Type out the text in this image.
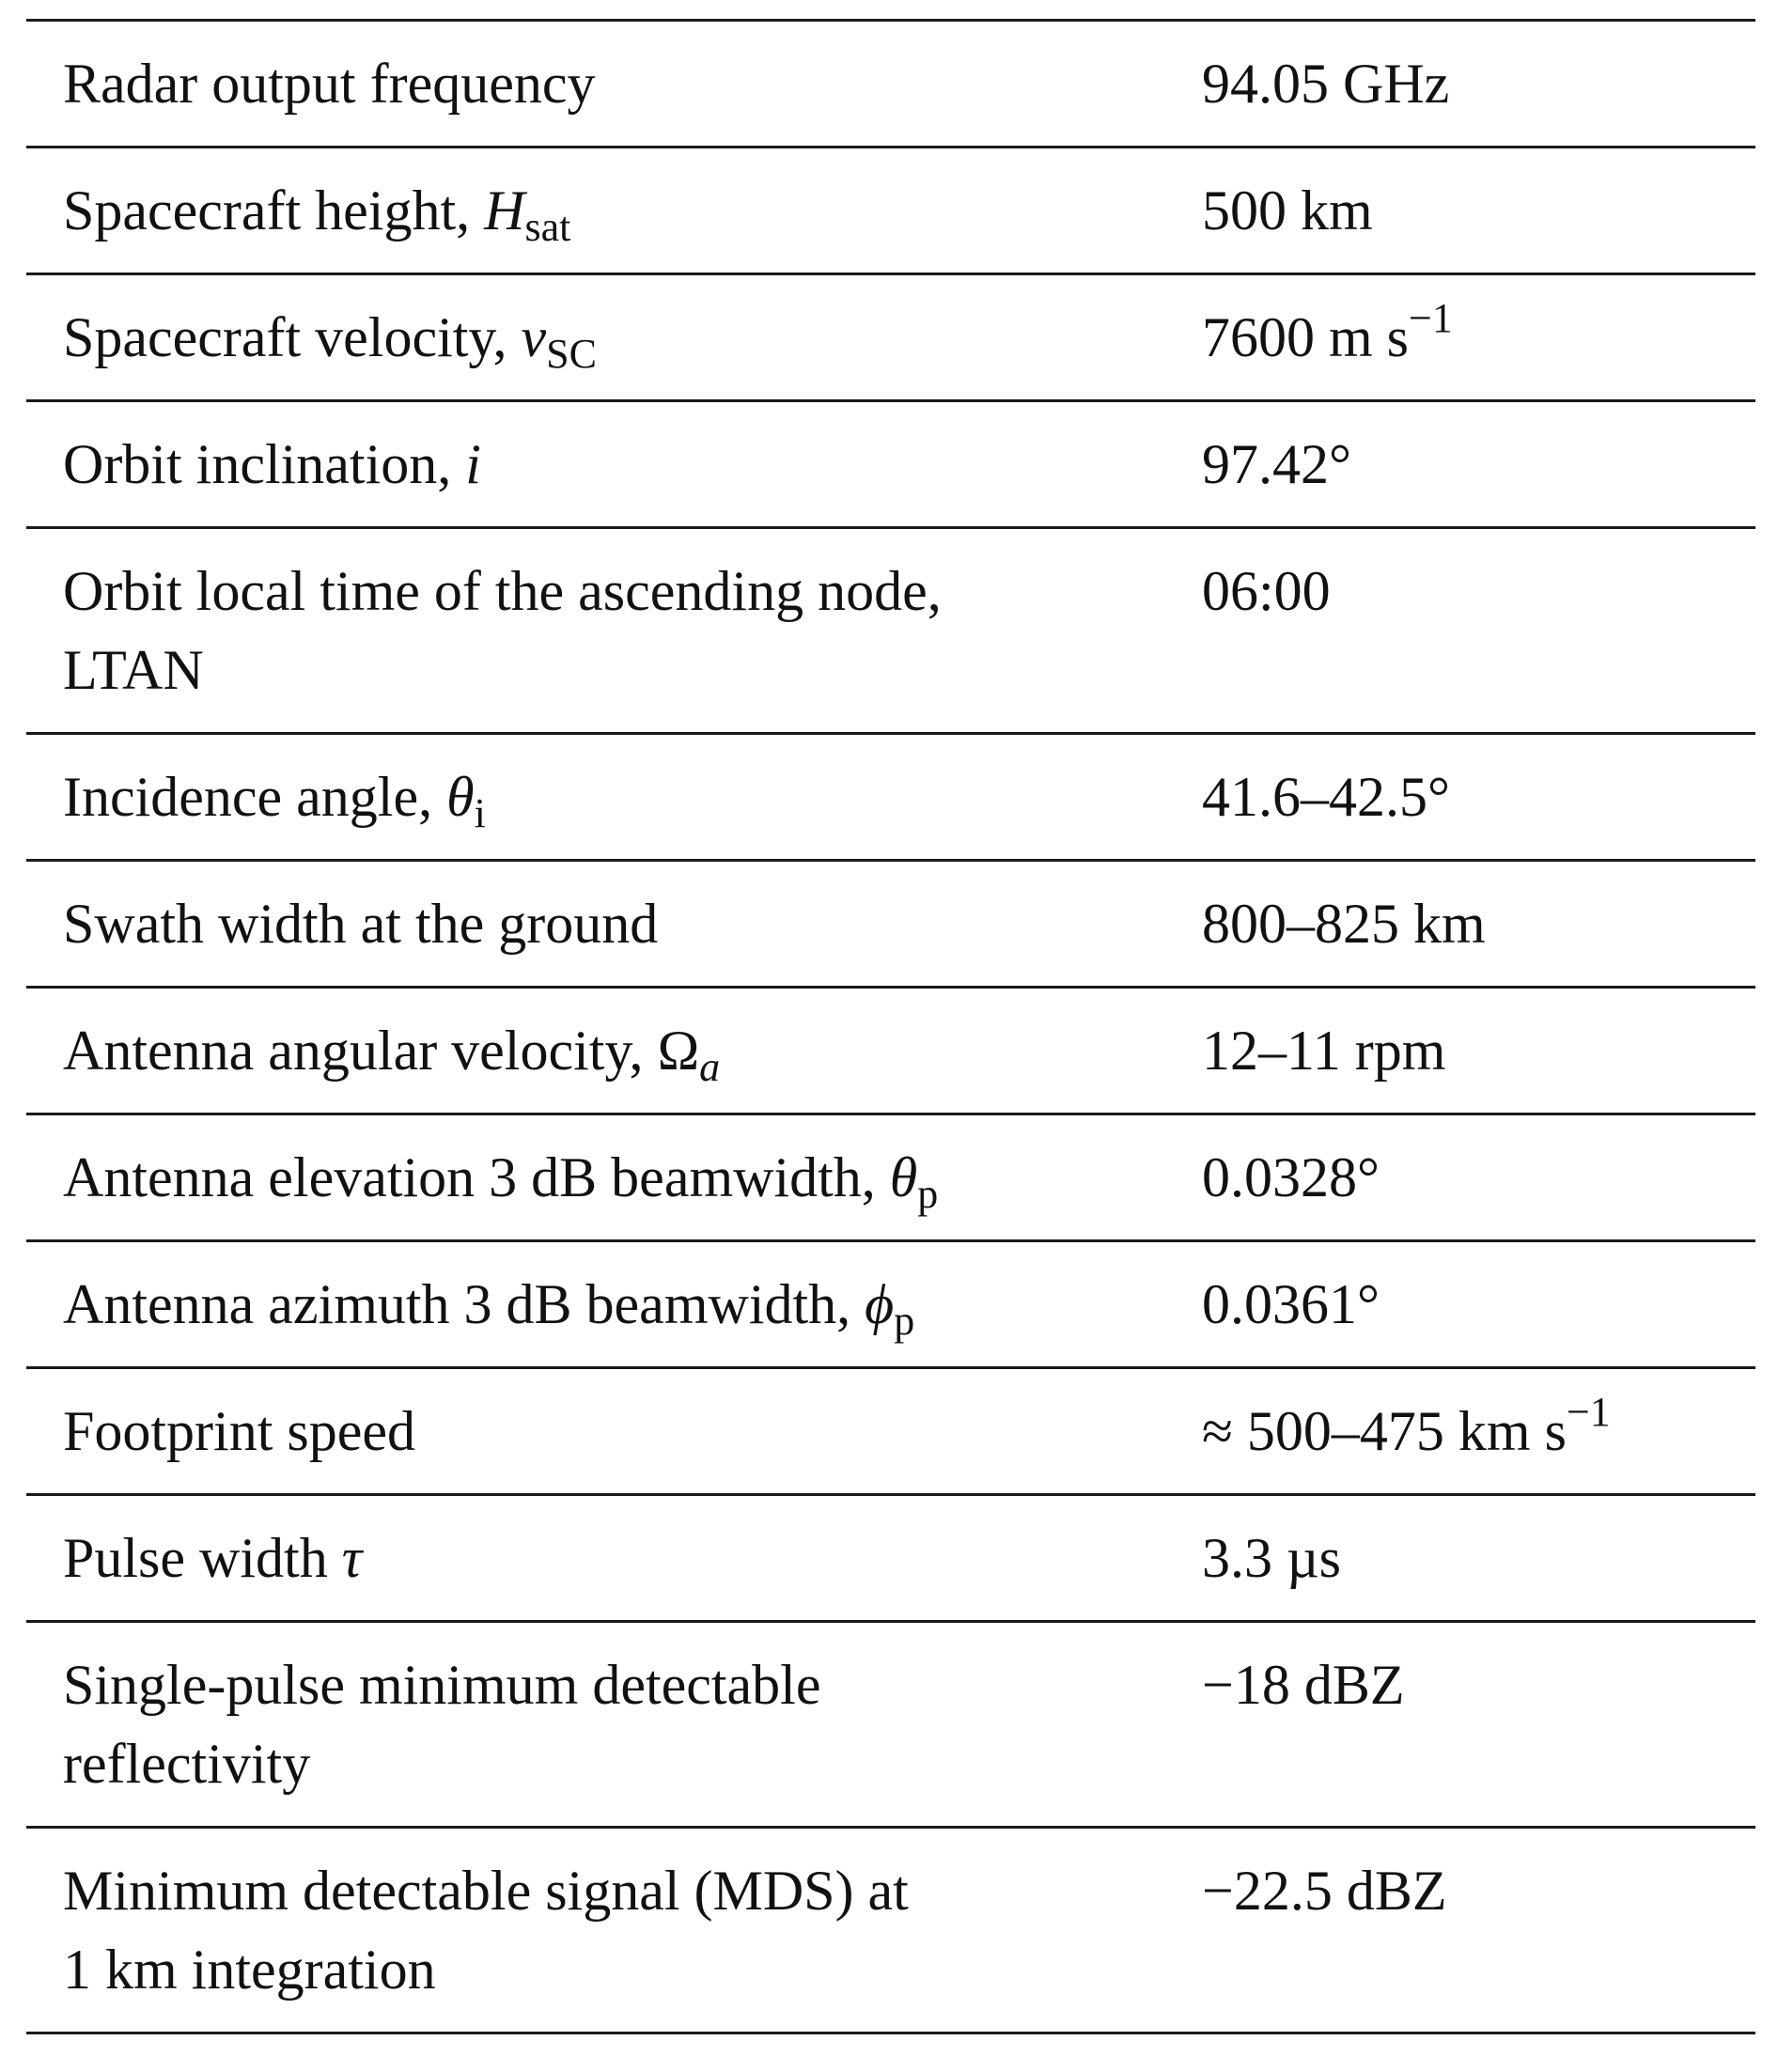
Radar output frequency	94.05 GHz
Spacecraft height, $H_{sat}$	500 km
Spacecraft velocity, $v_{SC}$	7600 m $s^{-1}$
Orbit inclination, i	97.42°
Orbit local time of the ascending node,
LTAN	06:00
Incidence angle, $\theta_i$	41.6–42.5°
Swath width at the ground	800–825 km
Antenna angular velocity, $\Omega_a$	12–11 rpm
Antenna elevation 3 dB beamwidth, $\theta_p$	0.0328°
Antenna azimuth 3 dB beamwidth, $\phi_p$	0.0361°
Footprint speed	≈ 500–475 km $s^{-1}$
Pulse width τ	3.3 µs
Single-pulse minimum detectable
reflectivity	−18 dBZ
Minimum detectable signal (MDS) at
1 km integration	−22.5 dBZ
